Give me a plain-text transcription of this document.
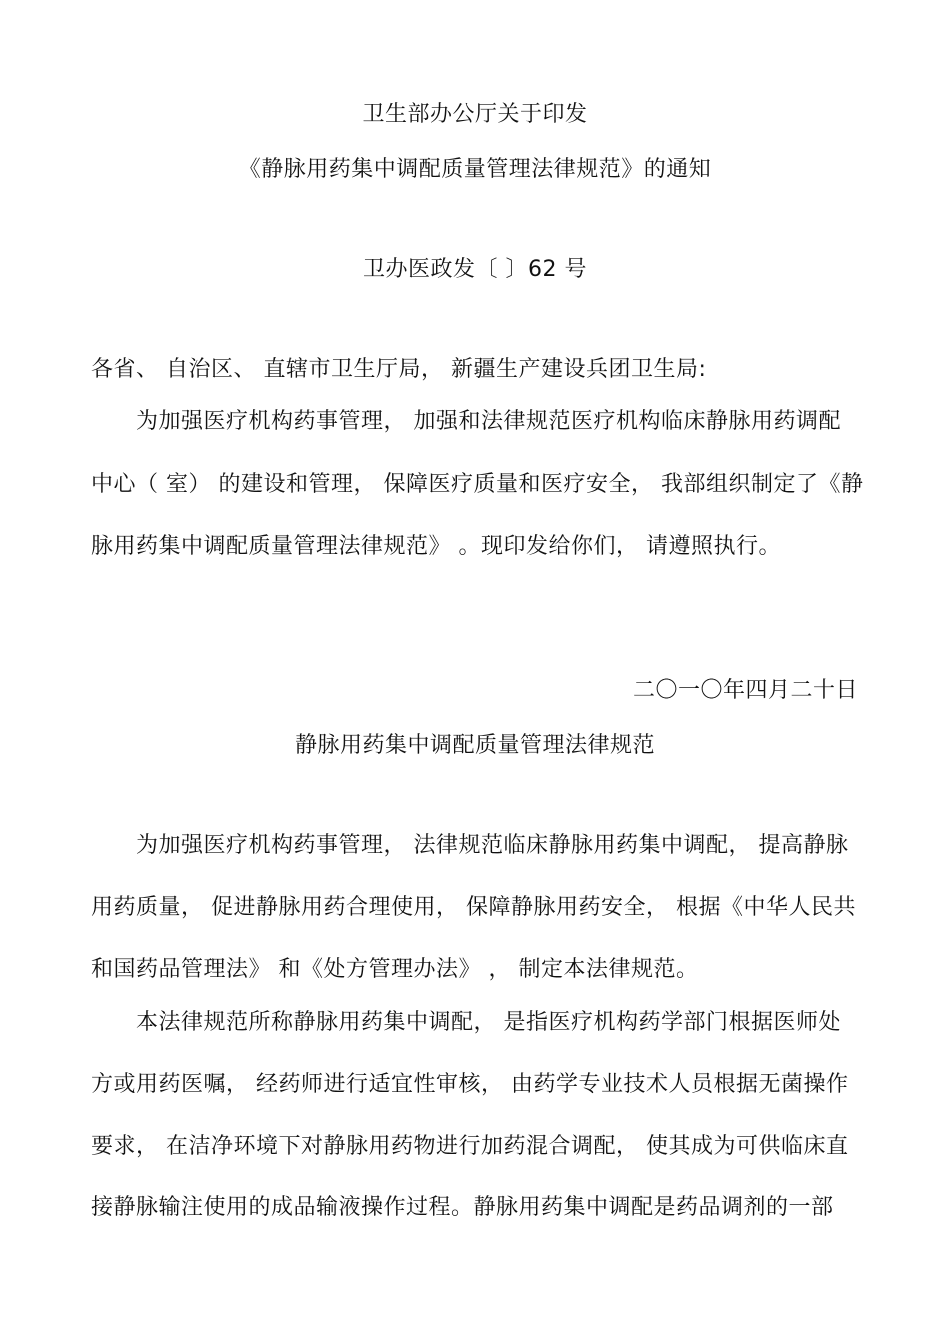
卫生部办公厅关于印发
《静脉用药集中调配质量管理法律规范》的通知
卫办医政发〔 〕62 号
各省、 自治区、 直辖市卫生厅局， 新疆生产建设兵团卫生局:
为加强医疗机构药事管理， 加强和法律规范医疗机构临床静脉用药调配
中心（ 室） 的建设和管理， 保障医疗质量和医疗安全， 我部组织制定了《静
脉用药集中调配质量管理法律规范》 。现印发给你们， 请遵照执行。
二〇一〇年四月二十日
静脉用药集中调配质量管理法律规范
为加强医疗机构药事管理， 法律规范临床静脉用药集中调配， 提高静脉
用药质量， 促进静脉用药合理使用， 保障静脉用药安全， 根据《中华人民共
和国药品管理法》 和《处方管理办法》 ， 制定本法律规范。
本法律规范所称静脉用药集中调配， 是指医疗机构药学部门根据医师处
方或用药医嘱， 经药师进行适宜性审核， 由药学专业技术人员根据无菌操作
要求， 在洁净环境下对静脉用药物进行加药混合调配， 使其成为可供临床直
接静脉输注使用的成品输液操作过程。静脉用药集中调配是药品调剂的一部
